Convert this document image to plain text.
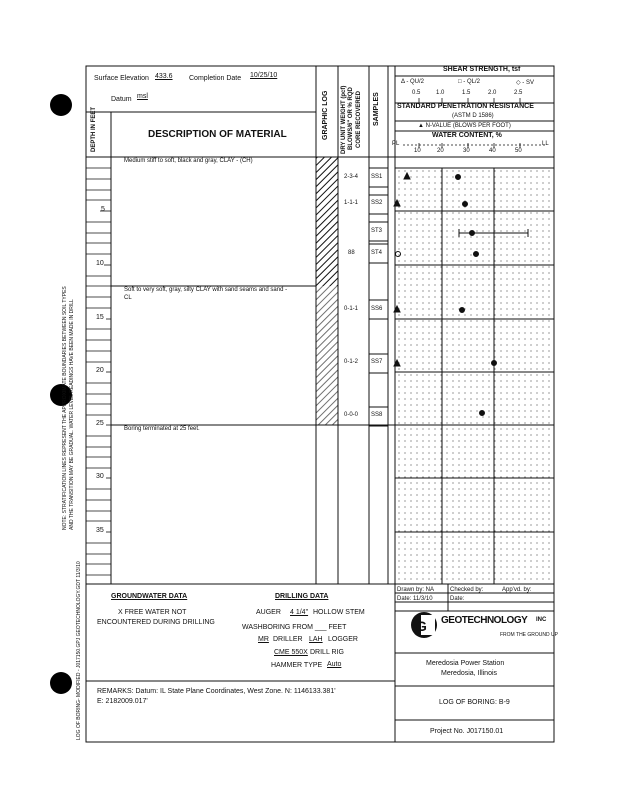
G
Surface Elevation 433.6 Completion Date 10/25/10
Datum msl
DESCRIPTION OF MATERIAL
DEPTH IN FEET	GRAPHIC LOG DRY UNIT WEIGHT (pcf) BLOWS/6" OR % RQD CORE RECOVERED SAMPLES
SHEAR STRENGTH, tsf
Δ - QU/2	□ - QL/2	◇ - SV
0.5	1.0	1.5	2.0	2.5
STANDARD PENETRATION RESISTANCE
(ASTM D 1586)
▲ N-VALUE (BLOWS PER FOOT)
WATER CONTENT, %
PL	LL
10	20	30	40	50
5
10
15
20
25
30
35
Medium stiff to soft, black and gray, CLAY - (CH)
Soft to very soft, gray, silty CLAY with sand seams and sand -
CL
Boring terminated at 25 feet.
2-3-4 SS1
1-1-1 SS2
ST3
88	ST4
0-1-1 SS6
0-1-2 SS7
0-0-0 SS8
GROUNDWATER DATA
X FREE WATER NOT
ENCOUNTERED DURING DRILLING
DRILLING DATA
AUGER 4 1/4" HOLLOW STEM
WASHBORING FROM ___ FEET
MR DRILLER LAH LOGGER
CME 550X DRILL RIG
HAMMER TYPE Auto
REMARKS: Datum: IL State Plane Coordinates, West Zone. N: 1146133.381'
E: 2182009.017'
Drawn by: NA	Checked by:	App'vd. by:
Date: 11/3/10	Date:
GEOTECHNOLOGY INC
FROM THE GROUND UP
Meredosia Power Station
Meredosia, Illinois
LOG OF BORING: B-9
Project No. J017150.01
NOTE: STRATIFICATION LINES REPRESENT THE APPROXIMATE BOUNDARIES BETWEEN SOIL TYPES AND THE TRANSITION MAY BE GRADUAL. WATER LEVEL READINGS HAVE BEEN MADE IN DRILL
LOG OF BORING- MODIFIED - J017150.GPJ GEOTECHNOLOGY.GDT 11/3/10
